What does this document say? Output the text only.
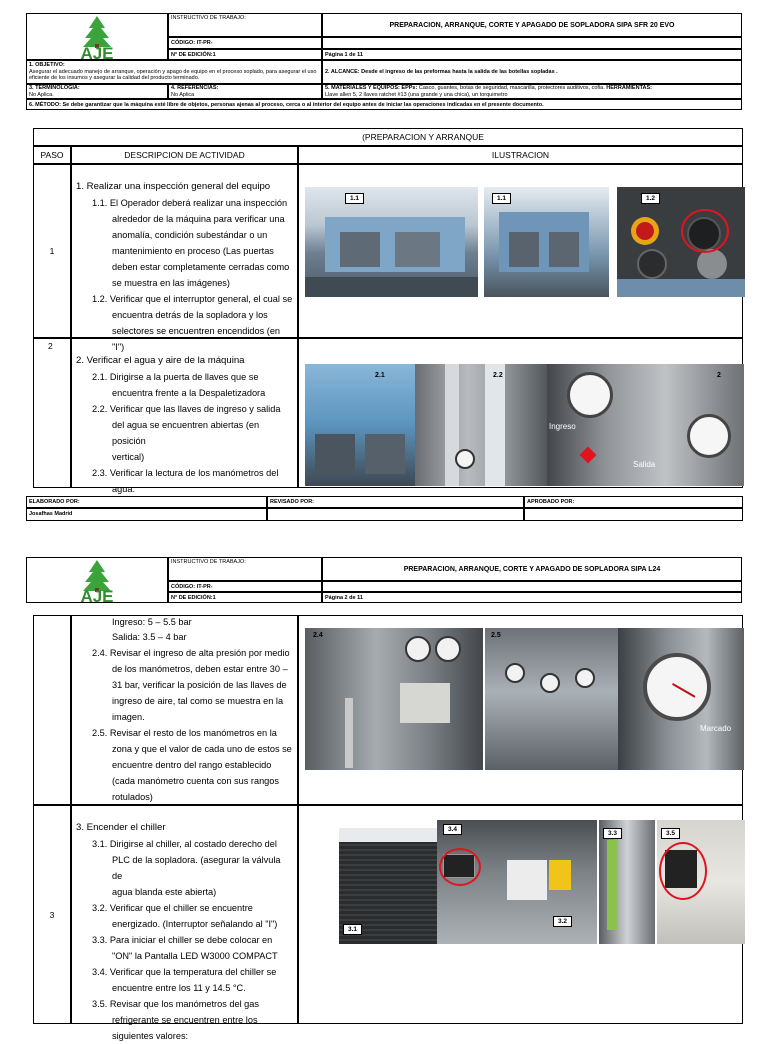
AJE
INSTRUCTIVO DE TRABAJO:
PREPARACION, ARRANQUE, CORTE Y APAGADO DE SOPLADORA SIPA SFR 20 EVO
CÓDIGO: IT-PR-
N° DE EDICIÓN:1	Página 1 de 11
1. OBJETIVO:
Asegurar el adecuado manejo de arranque, operación y apago de equipo en el proceso soplado, para asegurar el uso eficiente de los insumos y asegurar la calidad del producto terminado.
2. ALCANCE: Desde el ingreso de las preformas hasta la salida de las botellas sopladas .
3. TERMINOLOGIA:
No Aplica.
4. REFERENCIAS:
No Aplica
5. MATERIALES Y EQUIPOS: EPPs: Casco, guantes, botas de seguridad, mascarilla, protectores auditivos, cofia. HERRAMIENTAS:
Llave allen 5, 2 llaves ratchet #13 (una grande y una chica), un torquimetro
6. MÉTODO: Se debe garantizar que la máquina esté libre de objetos, personas ajenas al proceso, cerca o al interior del equipo antes de iniciar las operaciones indicadas en el presente documento.
(PREPARACION Y ARRANQUE
PASO	DESCRIPCION DE ACTIVIDAD	ILUSTRACION
1
1. Realizar una inspección general del equipo
1.1. El Operador deberá realizar una inspección
alrededor de la máquina para verificar una
anomalía, condición subestándar o un
mantenimiento en proceso (Las puertas
deben estar completamente cerradas como
se muestra en las imágenes)
1.2. Verificar que el interruptor general, el cual se
encuentra detrás de la sopladora y los
selectores se encuentren encendidos (en "I")
1.1	1.1	1.2
2
2. Verificar el agua y aire de la máquina
2.1. Dirigirse a la puerta de llaves que se
encuentra frente a la Despaletizadora
2.2. Verificar que las llaves de ingreso y salida
del agua se encuentren abiertas (en posición
vertical)
2.3. Verificar la lectura de los manómetros del
agua:
2.1	2.2
Ingreso
Salida
2
ELABORADO POR:	REVISADO POR:	APROBADO POR:
Josafhas Madrid
AJE
INSTRUCTIVO DE TRABAJO:
PREPARACION, ARRANQUE, CORTE Y APAGADO DE SOPLADORA SIPA L24
CÓDIGO: IT-PR-
N° DE EDICIÓN:1	Página 2 de 11
Ingreso: 5 – 5.5 bar
Salida: 3.5 – 4 bar
2.4. Revisar el ingreso de alta presión por medio
de los manómetros, deben estar entre 30 –
31 bar, verificar la posición de las llaves de
ingreso de aire, tal como se muestra en la
imagen.
2.5. Revisar el resto de los manómetros en la
zona y que el valor de cada uno de estos se
encuentre dentro del rango establecido
(cada manómetro cuenta con sus rangos
rotulados)
2.4	2.5
Marcado
3
3. Encender el chiller
3.1. Dirigirse al chiller, al costado derecho del
PLC de la sopladora. (asegurar la válvula de
agua blanda este abierta)
3.2. Verificar que el chiller se encuentre
energizado. (Interruptor señalando al "I")
3.3. Para iniciar el chiller se debe colocar en
"ON" la Pantalla LED W3000 COMPACT
3.4. Verificar que la temperatura del chiller se
encuentre entre los 11 y 14.5 °C.
3.5. Revisar que los manómetros del gas
refrigerante se encuentren entre los
siguientes valores:
3.1
3.4
3.2
3.3	3.5
